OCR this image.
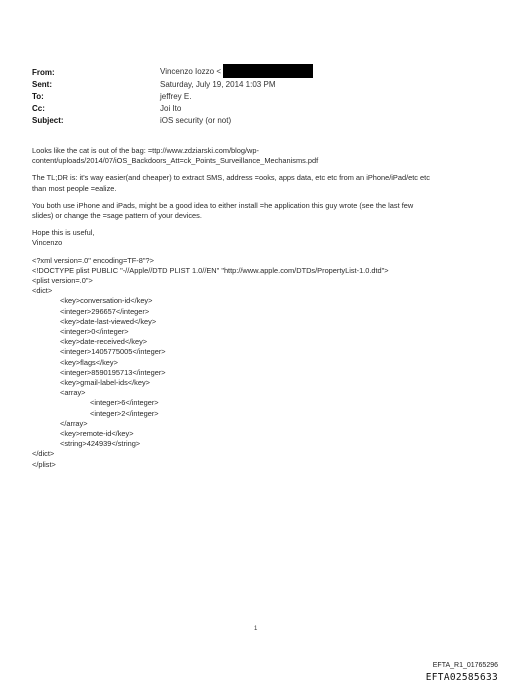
From:	Vincenzo Iozzo <
Sent:	Saturday, July 19, 2014 1:03 PM
To:	jeffrey E.
Cc:	Joi Ito
Subject:	iOS security (or not)

Looks like the cat is out of the bag: =ttp://www.zdziarski.com/blog/wp-
content/uploads/2014/07/iOS_Backdoors_Att=ck_Points_Surveillance_Mechanisms.pdf

The TL;DR is: it's way easier(and cheaper) to extract SMS, address =ooks, apps data, etc etc from an iPhone/iPad/etc etc
than most people =ealize.

You both use iPhone and iPads, might be a good idea to either install =he application this guy wrote (see the last few
slides) or change the =sage pattern of your devices.

Hope this is useful,
Vincenzo

<?xml version=.0" encoding=TF-8"?>
<!DOCTYPE plist PUBLIC "-//Apple//DTD PLIST 1.0//EN" "http://www.apple.com/DTDs/PropertyList-1.0.dtd">
<plist version=.0">
<dict>
<key>conversation-id</key>
<integer>296657</integer>
<key>date-last-viewed</key>
<integer>0</integer>
<key>date-received</key>
<integer>1405775005</integer>
<key>flags</key>
<integer>8590195713</integer>
<key>gmail-label-ids</key>
<array>
<integer>6</integer>
<integer>2</integer>
</array>
<key>remote-id</key>
<string>424939</string>
</dict>
</plist>
1
EFTA_R1_01765296
EFTA02585633
